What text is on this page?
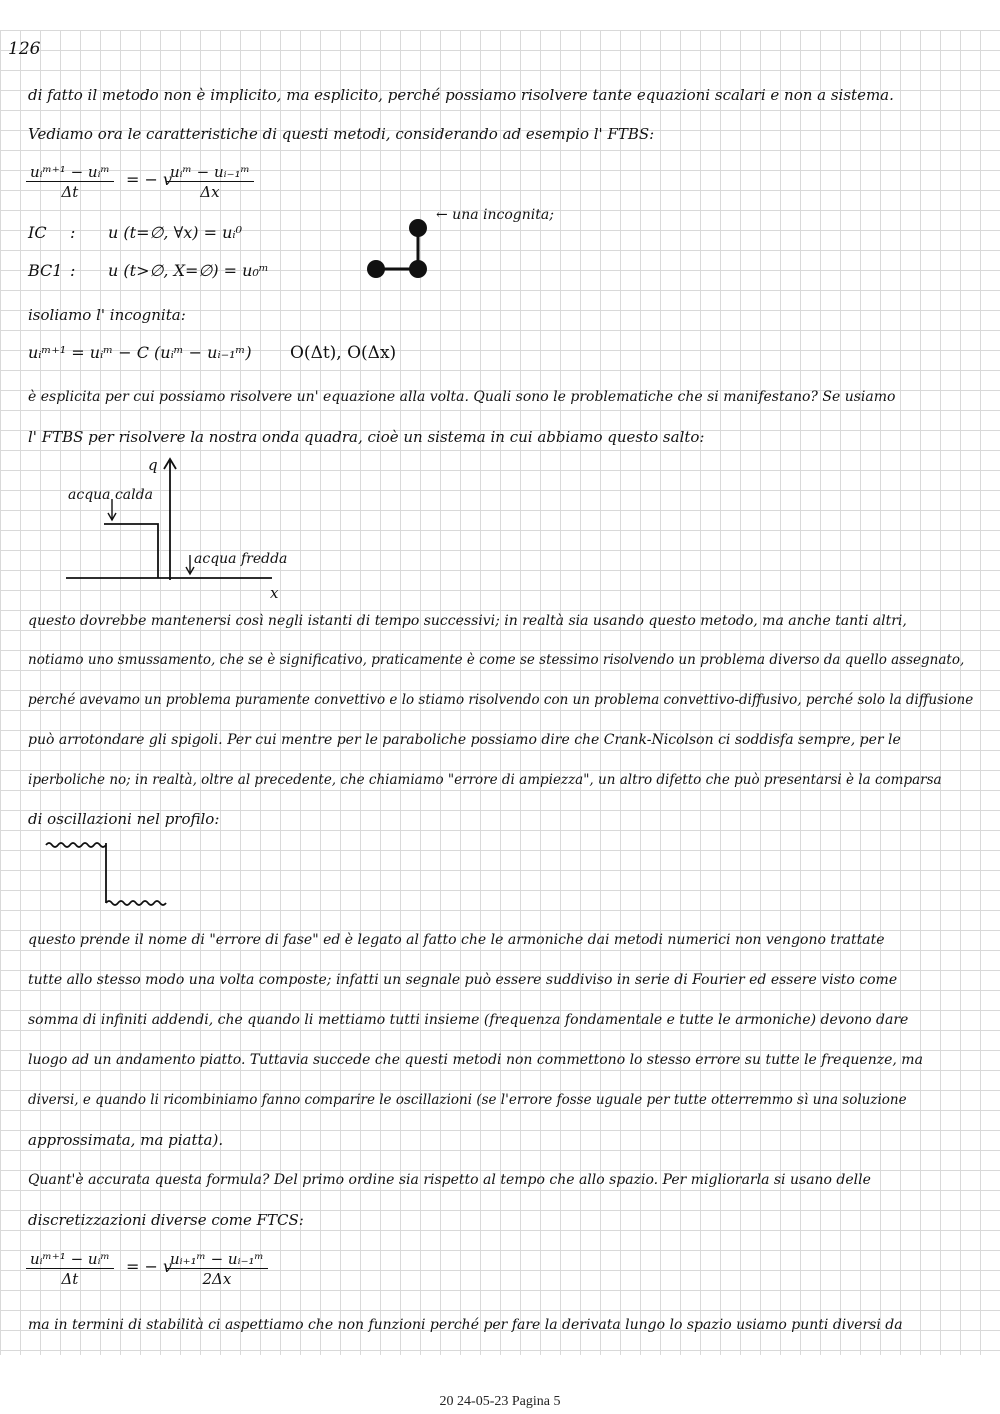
126
di fatto il metodo non è implicito, ma esplicito, perché possiamo risolvere tante equazioni scalari e non a sistema.
Vediamo ora le caratteristiche di questi metodi, considerando ad esempio l' FTBS:
uᵢᵐ⁺¹ − uᵢᵐ
Δt
= − v
uᵢᵐ − uᵢ₋₁ᵐ
Δx
IC : u (t=∅, ∀x) = uᵢ⁰
BC1 : u (t>∅, X=∅) = u₀ᵐ
← una incognita;
isoliamo l' incognita:
uᵢᵐ⁺¹ = uᵢᵐ − C (uᵢᵐ − uᵢ₋₁ᵐ) O(Δt), O(Δx)
è esplicita per cui possiamo risolvere un' equazione alla volta. Quali sono le problematiche che si manifestano? Se usiamo
l' FTBS per risolvere la nostra onda quadra, cioè un sistema in cui abbiamo questo salto:
q
x
acqua calda
acqua fredda
questo dovrebbe mantenersi così negli istanti di tempo successivi; in realtà sia usando questo metodo, ma anche tanti altri,
notiamo uno smussamento, che se è significativo, praticamente è come se stessimo risolvendo un problema diverso da quello assegnato,
perché avevamo un problema puramente convettivo e lo stiamo risolvendo con un problema convettivo-diffusivo, perché solo la diffusione
può arrotondare gli spigoli. Per cui mentre per le paraboliche possiamo dire che Crank-Nicolson ci soddisfa sempre, per le
iperboliche no; in realtà, oltre al precedente, che chiamiamo "errore di ampiezza", un altro difetto che può presentarsi è la comparsa
di oscillazioni nel profilo:
questo prende il nome di "errore di fase" ed è legato al fatto che le armoniche dai metodi numerici non vengono trattate
tutte allo stesso modo una volta composte; infatti un segnale può essere suddiviso in serie di Fourier ed essere visto come
somma di infiniti addendi, che quando li mettiamo tutti insieme (frequenza fondamentale e tutte le armoniche) devono dare
luogo ad un andamento piatto. Tuttavia succede che questi metodi non commettono lo stesso errore su tutte le frequenze, ma
diversi, e quando li ricombiniamo fanno comparire le oscillazioni (se l'errore fosse uguale per tutte otterremmo sì una soluzione
approssimata, ma piatta).
Quant'è accurata questa formula? Del primo ordine sia rispetto al tempo che allo spazio. Per migliorarla si usano delle
discretizzazioni diverse come FTCS:
uᵢᵐ⁺¹ − uᵢᵐ
Δt
= − v
$\frac{\text{uᵢ₊₁ᵐ − uᵢ₋₁ᵐ}}{2\Delta x}$
ma in termini di stabilità ci aspettiamo che non funzioni perché per fare la derivata lungo lo spazio usiamo punti diversi da
20 24-05-23 Pagina 5
